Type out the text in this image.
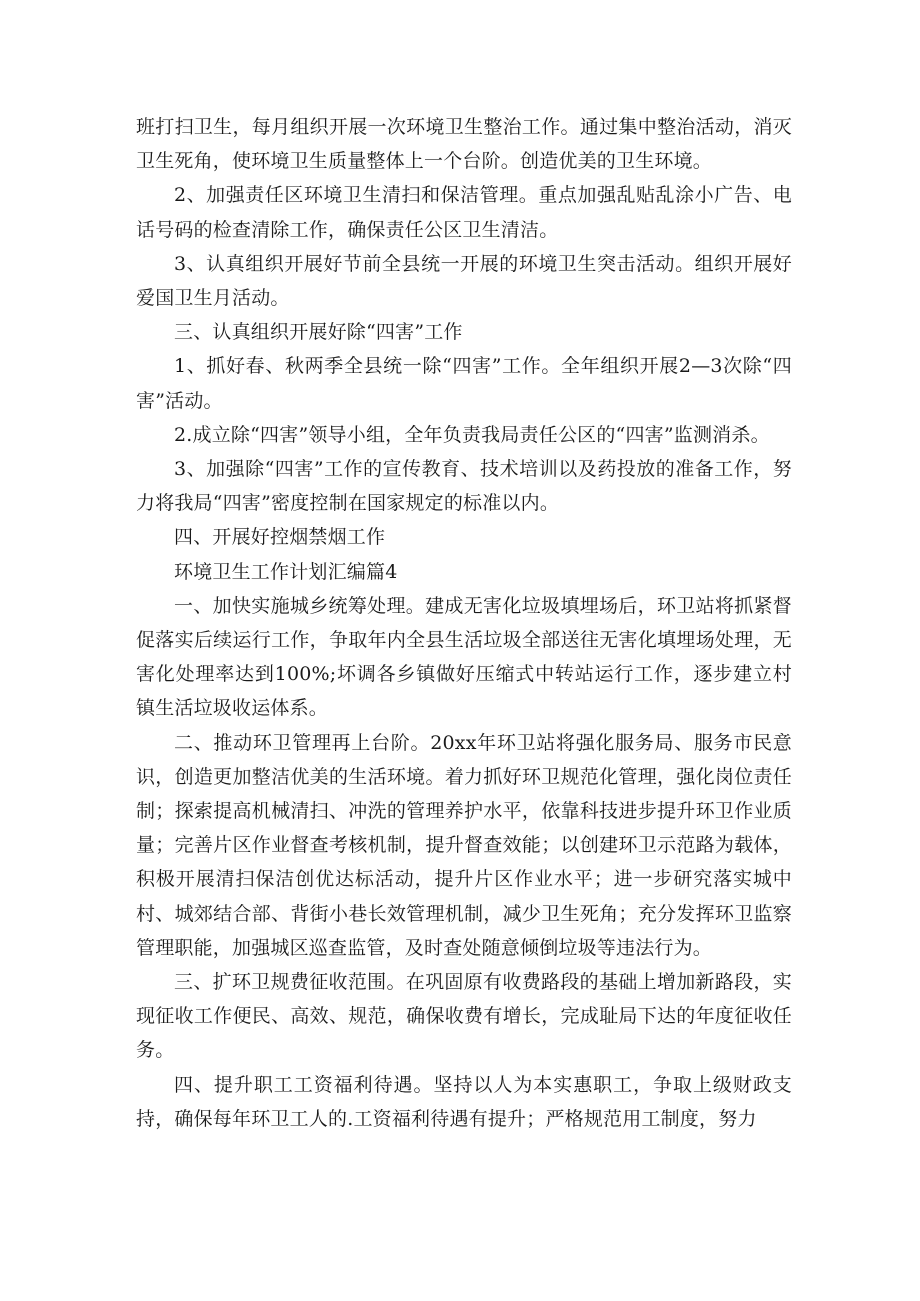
班打扫卫生，每月组织开展一次环境卫生整治工作。通过集中整治活动，消灭卫生死角，使环境卫生质量整体上一个台阶。创造优美的卫生环境。

2、加强责任区环境卫生清扫和保洁管理。重点加强乱贴乱涂小广告、电话号码的检查清除工作，确保责任公区卫生清洁。

3、认真组织开展好节前全县统一开展的环境卫生突击活动。组织开展好爱国卫生月活动。

三、认真组织开展好除“四害”工作

1、抓好春、秋两季全县统一除“四害”工作。全年组织开展2—3次除“四害”活动。

2.成立除“四害”领导小组，全年负责我局责任公区的“四害”监测消杀。

3、加强除“四害”工作的宣传教育、技术培训以及药投放的准备工作，努力将我局“四害”密度控制在国家规定的标准以内。

四、开展好控烟禁烟工作

环境卫生工作计划汇编篇4

一、加快实施城乡统筹处理。建成无害化垃圾填埋场后，环卫站将抓紧督促落实后续运行工作，争取年内全县生活垃圾全部送往无害化填埋场处理，无害化处理率达到100%;坏调各乡镇做好压缩式中转站运行工作，逐步建立村镇生活垃圾收运体系。

二、推动环卫管理再上台阶。20xx年环卫站将强化服务局、服务市民意识，创造更加整洁优美的生活环境。着力抓好环卫规范化管理，强化岗位责任制；探索提高机械清扫、冲洗的管理养护水平，依靠科技进步提升环卫作业质量；完善片区作业督查考核机制，提升督查效能；以创建环卫示范路为载体，积极开展清扫保洁创优达标活动，提升片区作业水平；进一步研究落实城中村、城郊结合部、背街小巷长效管理机制，减少卫生死角；充分发挥环卫监察管理职能，加强城区巡查监管，及时查处随意倾倒垃圾等违法行为。

三、扩环卫规费征收范围。在巩固原有收费路段的基础上增加新路段，实现征收工作便民、高效、规范，确保收费有增长，完成耻局下达的年度征收任务。

四、提升职工工资福利待遇。坚持以人为本实惠职工，争取上级财政支持，确保每年环卫工人的.工资福利待遇有提升；严格规范用工制度，努力
